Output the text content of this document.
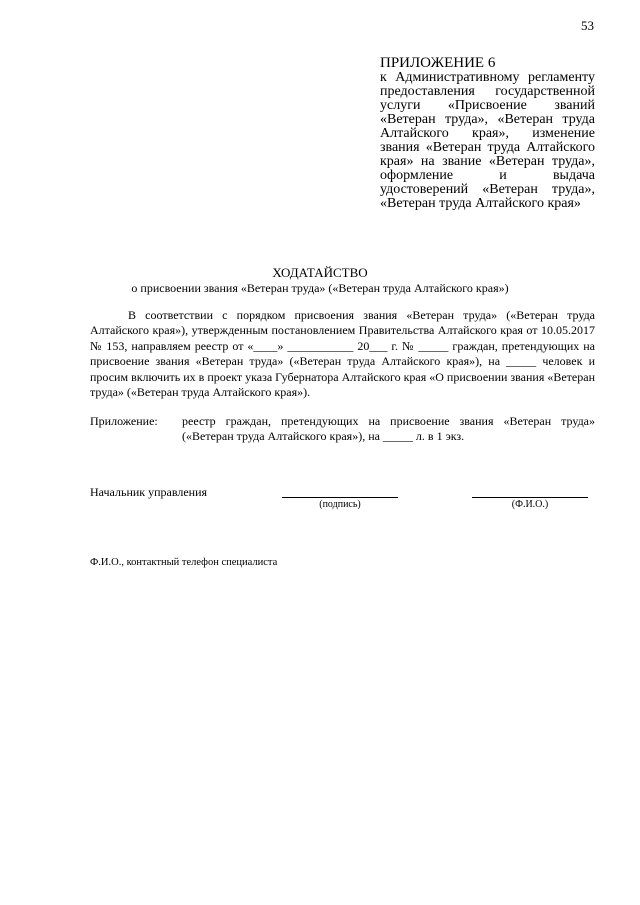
53
ПРИЛОЖЕНИЕ 6
к Административному регламенту предоставления государственной услуги «Присвоение званий «Ветеран труда», «Ветеран труда Алтайского края», изменение звания «Ветеран труда Алтайского края» на звание «Ветеран труда», оформление и выдача удостоверений «Ветеран труда», «Ветеран труда Алтайского края»
ХОДАТАЙСТВО
о присвоении звания «Ветеран труда» («Ветеран труда Алтайского края»)

В соответствии с порядком присвоения звания «Ветеран труда» («Ветеран труда Алтайского края»), утвержденным постановлением Правительства Алтайского края от 10.05.2017 № 153, направляем реестр от «____» ___________ 20___ г. № _____ граждан, претендующих на присвоение звания «Ветеран труда» («Ветеран труда Алтайского края»), на _____ человек и просим включить их в проект указа Губернатора Алтайского края «О присвоении звания «Ветеран труда» («Ветеран труда Алтайского края»).

Приложение: реестр граждан, претендующих на присвоение звания «Ветеран труда» («Ветеран труда Алтайского края»), на _____ л. в 1 экз.

Начальник управления
(подпись)	(Ф.И.О.)
Ф.И.О., контактный телефон специалиста
